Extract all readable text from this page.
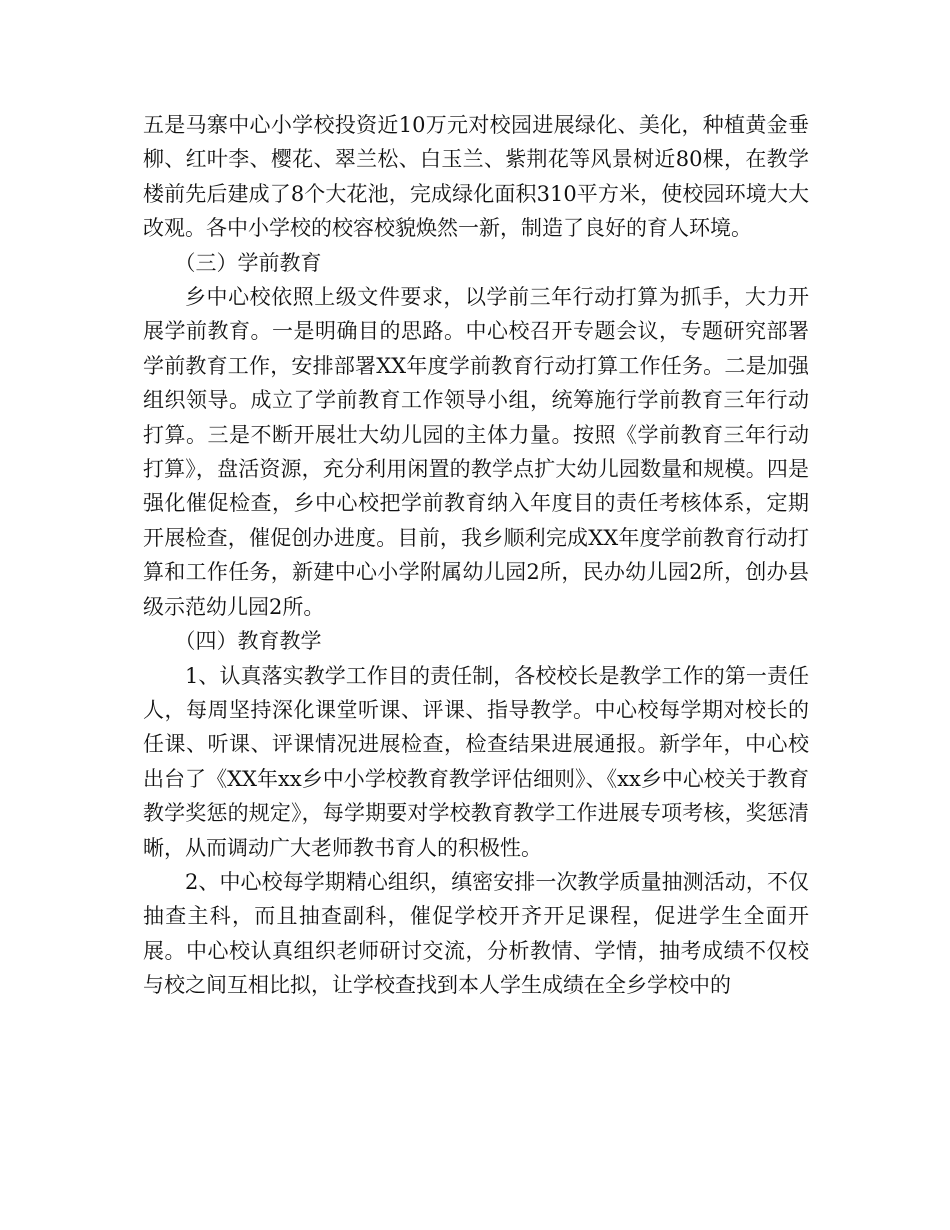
五是马寨中心小学校投资近10万元对校园进展绿化、美化，种植黄金垂柳、红叶李、樱花、翠兰松、白玉兰、紫荆花等风景树近80棵，在教学楼前先后建成了8个大花池，完成绿化面积310平方米，使校园环境大大改观。各中小学校的校容校貌焕然一新，制造了良好的育人环境。

（三）学前教育

乡中心校依照上级文件要求，以学前三年行动打算为抓手，大力开展学前教育。一是明确目的思路。中心校召开专题会议，专题研究部署学前教育工作，安排部署XX年度学前教育行动打算工作任务。二是加强组织领导。成立了学前教育工作领导小组，统筹施行学前教育三年行动打算。三是不断开展壮大幼儿园的主体力量。按照《学前教育三年行动打算》，盘活资源，充分利用闲置的教学点扩大幼儿园数量和规模。四是强化催促检查，乡中心校把学前教育纳入年度目的责任考核体系，定期开展检查，催促创办进度。目前，我乡顺利完成XX年度学前教育行动打算和工作任务，新建中心小学附属幼儿园2所，民办幼儿园2所，创办县级示范幼儿园2所。

（四）教育教学

1、认真落实教学工作目的责任制，各校校长是教学工作的第一责任人，每周坚持深化课堂听课、评课、指导教学。中心校每学期对校长的任课、听课、评课情况进展检查，检查结果进展通报。新学年，中心校出台了《XX年xx乡中小学校教育教学评估细则》、《xx乡中心校关于教育教学奖惩的规定》，每学期要对学校教育教学工作进展专项考核，奖惩清晰，从而调动广大老师教书育人的积极性。

2、中心校每学期精心组织，缜密安排一次教学质量抽测活动，不仅抽查主科，而且抽查副科，催促学校开齐开足课程，促进学生全面开展。中心校认真组织老师研讨交流，分析教情、学情，抽考成绩不仅校与校之间互相比拟，让学校查找到本人学生成绩在全乡学校中的
